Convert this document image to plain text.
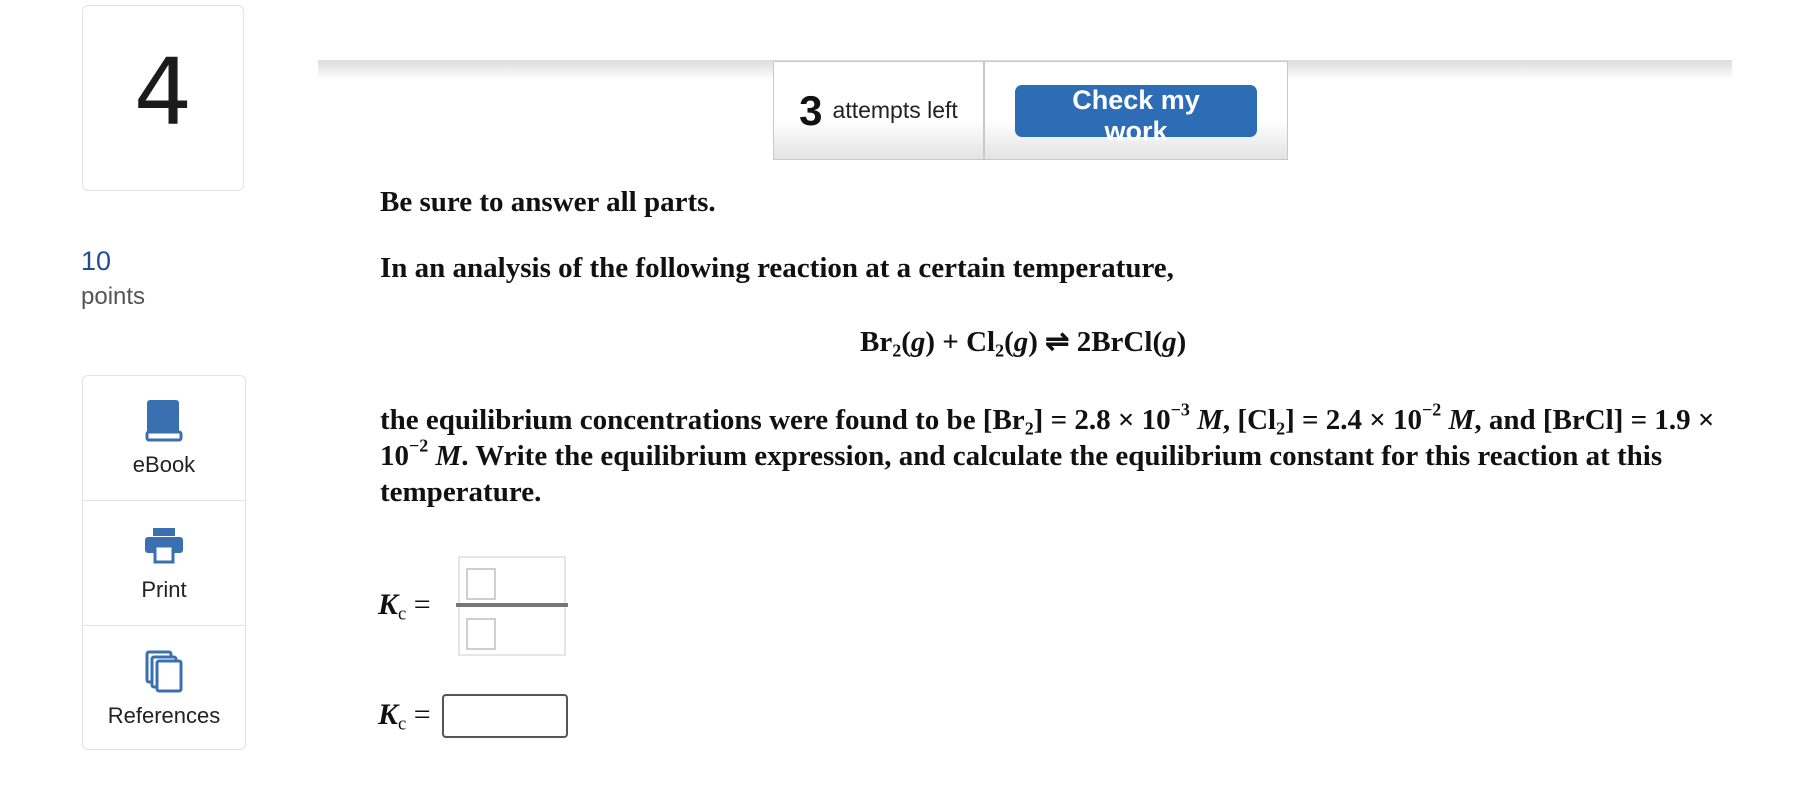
4
10
points
eBook
Print
References
3 attempts left	Check my work
Be sure to answer all parts.
In an analysis of the following reaction at a certain temperature,
$Br_2(g) + Cl_2(g)$ ⇌ 2BrCl(g)
the equilibrium concentrations were found to be $[Br_2] = 2.8 \times 10^{-3}$ M, $[Cl_2] = 2.4 \times 10^{-2}$ M, and [BrCl] = $1.9 \times 10^{-2}$ M. Write the equilibrium expression, and calculate the equilibrium constant for this reaction at this temperature.
$K_c$ =
$K_c$ =
